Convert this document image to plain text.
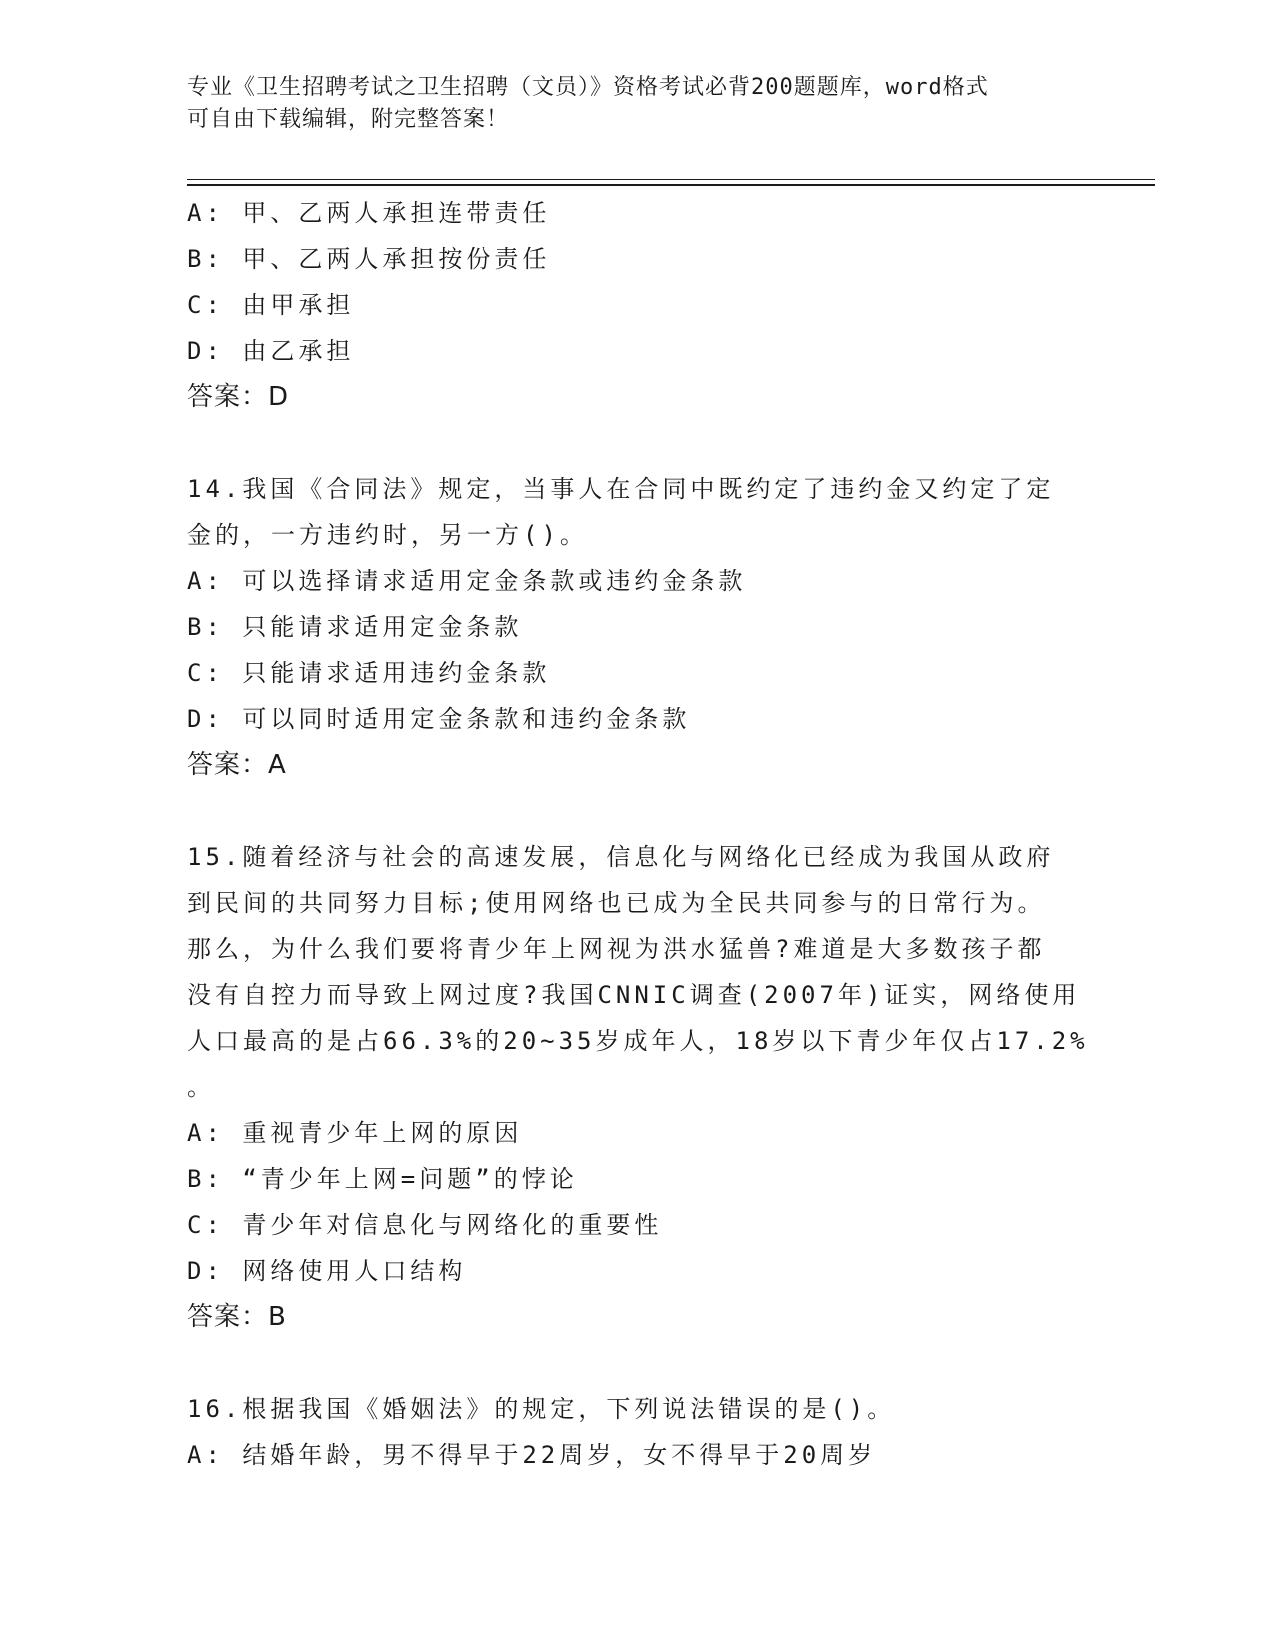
专业《卫生招聘考试之卫生招聘（文员）》资格考试必背200题题库，word格式
可自由下载编辑，附完整答案！
A: 甲、乙两人承担连带责任
B: 甲、乙两人承担按份责任
C: 由甲承担
D: 由乙承担
答案：D
14.我国《合同法》规定，当事人在合同中既约定了违约金又约定了定
金的，一方违约时，另一方()。
A: 可以选择请求适用定金条款或违约金条款
B: 只能请求适用定金条款
C: 只能请求适用违约金条款
D: 可以同时适用定金条款和违约金条款
答案：A
15.随着经济与社会的高速发展，信息化与网络化已经成为我国从政府
到民间的共同努力目标;使用网络也已成为全民共同参与的日常行为。
那么，为什么我们要将青少年上网视为洪水猛兽?难道是大多数孩子都
没有自控力而导致上网过度?我国CNNIC调查(2007年)证实，网络使用
人口最高的是占66.3%的20~35岁成年人，18岁以下青少年仅占17.2%
。
A: 重视青少年上网的原因
B: “青少年上网=问题”的悖论
C: 青少年对信息化与网络化的重要性
D: 网络使用人口结构
答案：B
16.根据我国《婚姻法》的规定，下列说法错误的是()。
A: 结婚年龄，男不得早于22周岁，女不得早于20周岁
